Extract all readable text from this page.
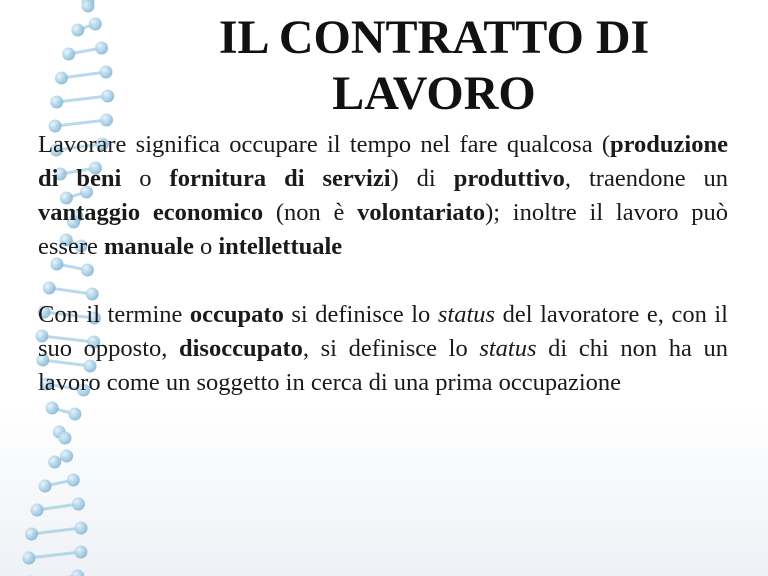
IL CONTRATTO DI
LAVORO

Lavorare significa occupare il tempo nel fare qualcosa (produzione di beni o fornitura di servizi) di produttivo, traendone un vantaggio economico (non è volontariato); inoltre il lavoro può essere manuale o intellettuale

Con il termine occupato si definisce lo status del lavoratore e, con il suo opposto, disoccupato, si definisce lo status di chi non ha un lavoro come un soggetto in cerca di una prima occupazione
